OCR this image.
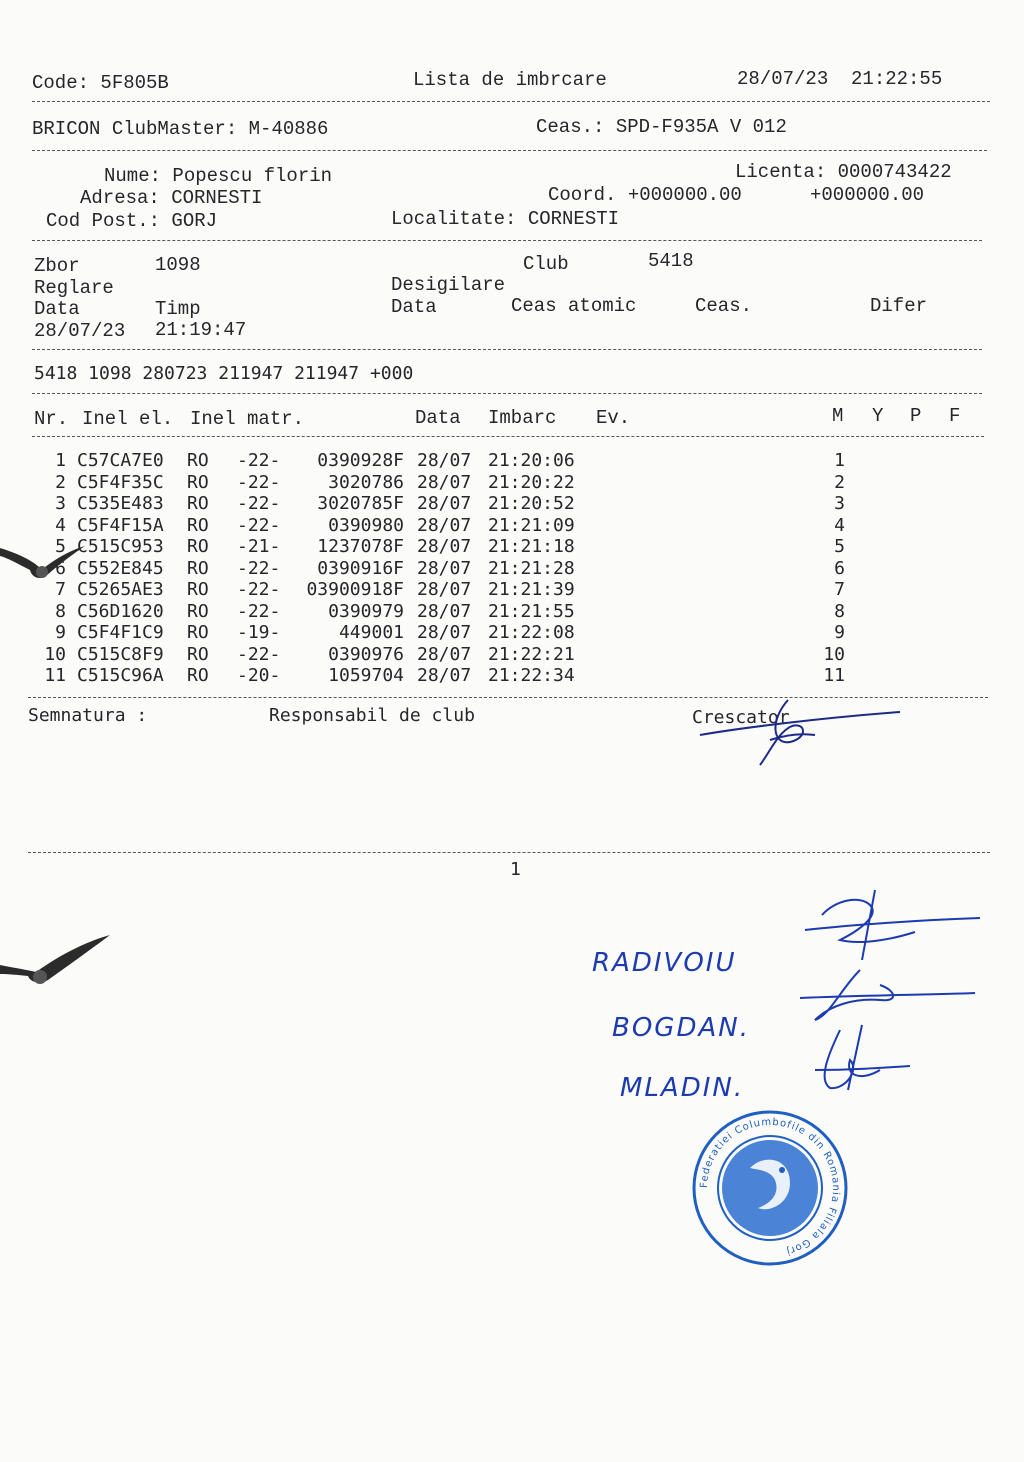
Code: 5F805B	Lista de imbrcare	28/07/23  21:22:55
BRICON ClubMaster: M-40886	Ceas.: SPD-F935A V 012
Nume: Popescu florin	Licenta: 0000743422
Adresa: CORNESTI	Coord. +000000.00	+000000.00
Cod Post.: GORJ	Localitate: CORNESTI
Zbor	1098	Club	5418
Reglare	Desigilare
Data	Timp	Data	Ceas atomic	Ceas.	Difer
28/07/23 21:19:47
5418 1098 280723 211947 211947 +000
Nr. Inel el. Inel matr.	Data Imbarc Ev.	M Y P F
1 C57CA7E0 RO -22- 0390928F 28/07 21:20:06	1
2 C5F4F35C RO -22-	3020786 28/07 21:20:22	2
3 C535E483 RO -22- 3020785F 28/07 21:20:52	3
4 C5F4F15A RO -22-	0390980 28/07 21:21:09	4
5 C515C953 RO -21- 1237078F 28/07 21:21:18	5
6 C552E845 RO -22- 0390916F 28/07 21:21:28	6
7 C5265AE3 RO -22- 03900918F 28/07 21:21:39	7
8 C56D1620 RO -22-	0390979 28/07 21:21:55	8
9 C5F4F1C9 RO -19-	449001 28/07 21:22:08	9
10 C515C8F9 RO -22-	0390976 28/07 21:22:21	10
11 C515C96A RO -20-	1059704 28/07 21:22:34	11
Semnatura :	Responsabil de club	Crescator
1
RADIVOIU
BOGDAN.
MLADIN.
Federatiei Columbofile din Romania Filiala Gorj
